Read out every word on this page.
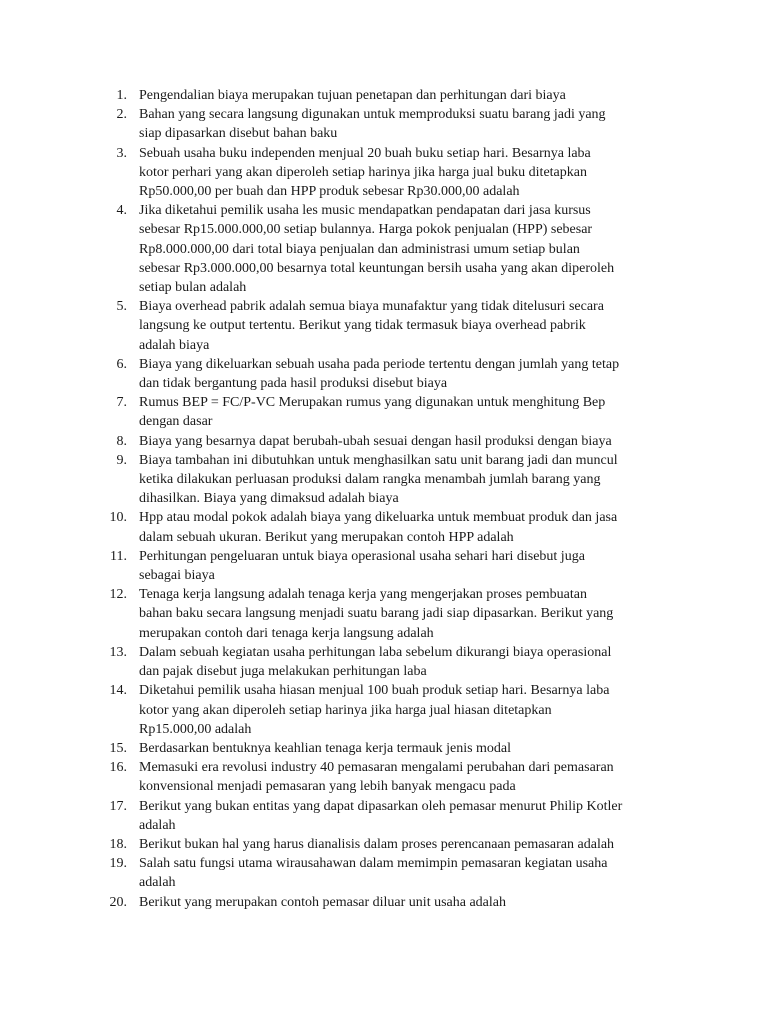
1. Pengendalian biaya merupakan tujuan penetapan dan perhitungan dari biaya
2. Bahan yang secara langsung digunakan untuk memproduksi suatu barang jadi yang
siap dipasarkan disebut bahan baku
3. Sebuah usaha buku independen menjual 20 buah buku setiap hari. Besarnya laba
kotor perhari yang akan diperoleh setiap harinya jika harga jual buku ditetapkan
Rp50.000,00 per buah dan HPP produk sebesar Rp30.000,00 adalah
4. Jika diketahui pemilik usaha les music mendapatkan pendapatan dari jasa kursus
sebesar Rp15.000.000,00 setiap bulannya. Harga pokok penjualan (HPP) sebesar
Rp8.000.000,00 dari total biaya penjualan dan administrasi umum setiap bulan
sebesar Rp3.000.000,00 besarnya total keuntungan bersih usaha yang akan diperoleh
setiap bulan adalah
5. Biaya overhead pabrik adalah semua biaya munafaktur yang tidak ditelusuri secara
langsung ke output tertentu. Berikut yang tidak termasuk biaya overhead pabrik
adalah biaya
6. Biaya yang dikeluarkan sebuah usaha pada periode tertentu dengan jumlah yang tetap
dan tidak bergantung pada hasil produksi disebut biaya
7. Rumus BEP = FC/P-VC Merupakan rumus yang digunakan untuk menghitung Bep
dengan dasar
8. Biaya yang besarnya dapat berubah-ubah sesuai dengan hasil produksi dengan biaya
9. Biaya tambahan ini dibutuhkan untuk menghasilkan satu unit barang jadi dan muncul
ketika dilakukan perluasan produksi dalam rangka menambah jumlah barang yang
dihasilkan. Biaya yang dimaksud adalah biaya
10. Hpp atau modal pokok adalah biaya yang dikeluarka untuk membuat produk dan jasa
dalam sebuah ukuran. Berikut yang merupakan contoh HPP adalah
11. Perhitungan pengeluaran untuk biaya operasional usaha sehari hari disebut juga
sebagai biaya
12. Tenaga kerja langsung adalah tenaga kerja yang mengerjakan proses pembuatan
bahan baku secara langsung menjadi suatu barang jadi siap dipasarkan. Berikut yang
merupakan contoh dari tenaga kerja langsung adalah
13. Dalam sebuah kegiatan usaha perhitungan laba sebelum dikurangi biaya operasional
dan pajak disebut juga melakukan perhitungan laba
14. Diketahui pemilik usaha hiasan menjual 100 buah produk setiap hari. Besarnya laba
kotor yang akan diperoleh setiap harinya jika harga jual hiasan ditetapkan
Rp15.000,00 adalah
15. Berdasarkan bentuknya keahlian tenaga kerja termauk jenis modal
16. Memasuki era revolusi industry 40 pemasaran mengalami perubahan dari pemasaran
konvensional menjadi pemasaran yang lebih banyak mengacu pada
17. Berikut yang bukan entitas yang dapat dipasarkan oleh pemasar menurut Philip Kotler
adalah
18. Berikut bukan hal yang harus dianalisis dalam proses perencanaan pemasaran adalah
19. Salah satu fungsi utama wirausahawan dalam memimpin pemasaran kegiatan usaha
adalah
20. Berikut yang merupakan contoh pemasar diluar unit usaha adalah
